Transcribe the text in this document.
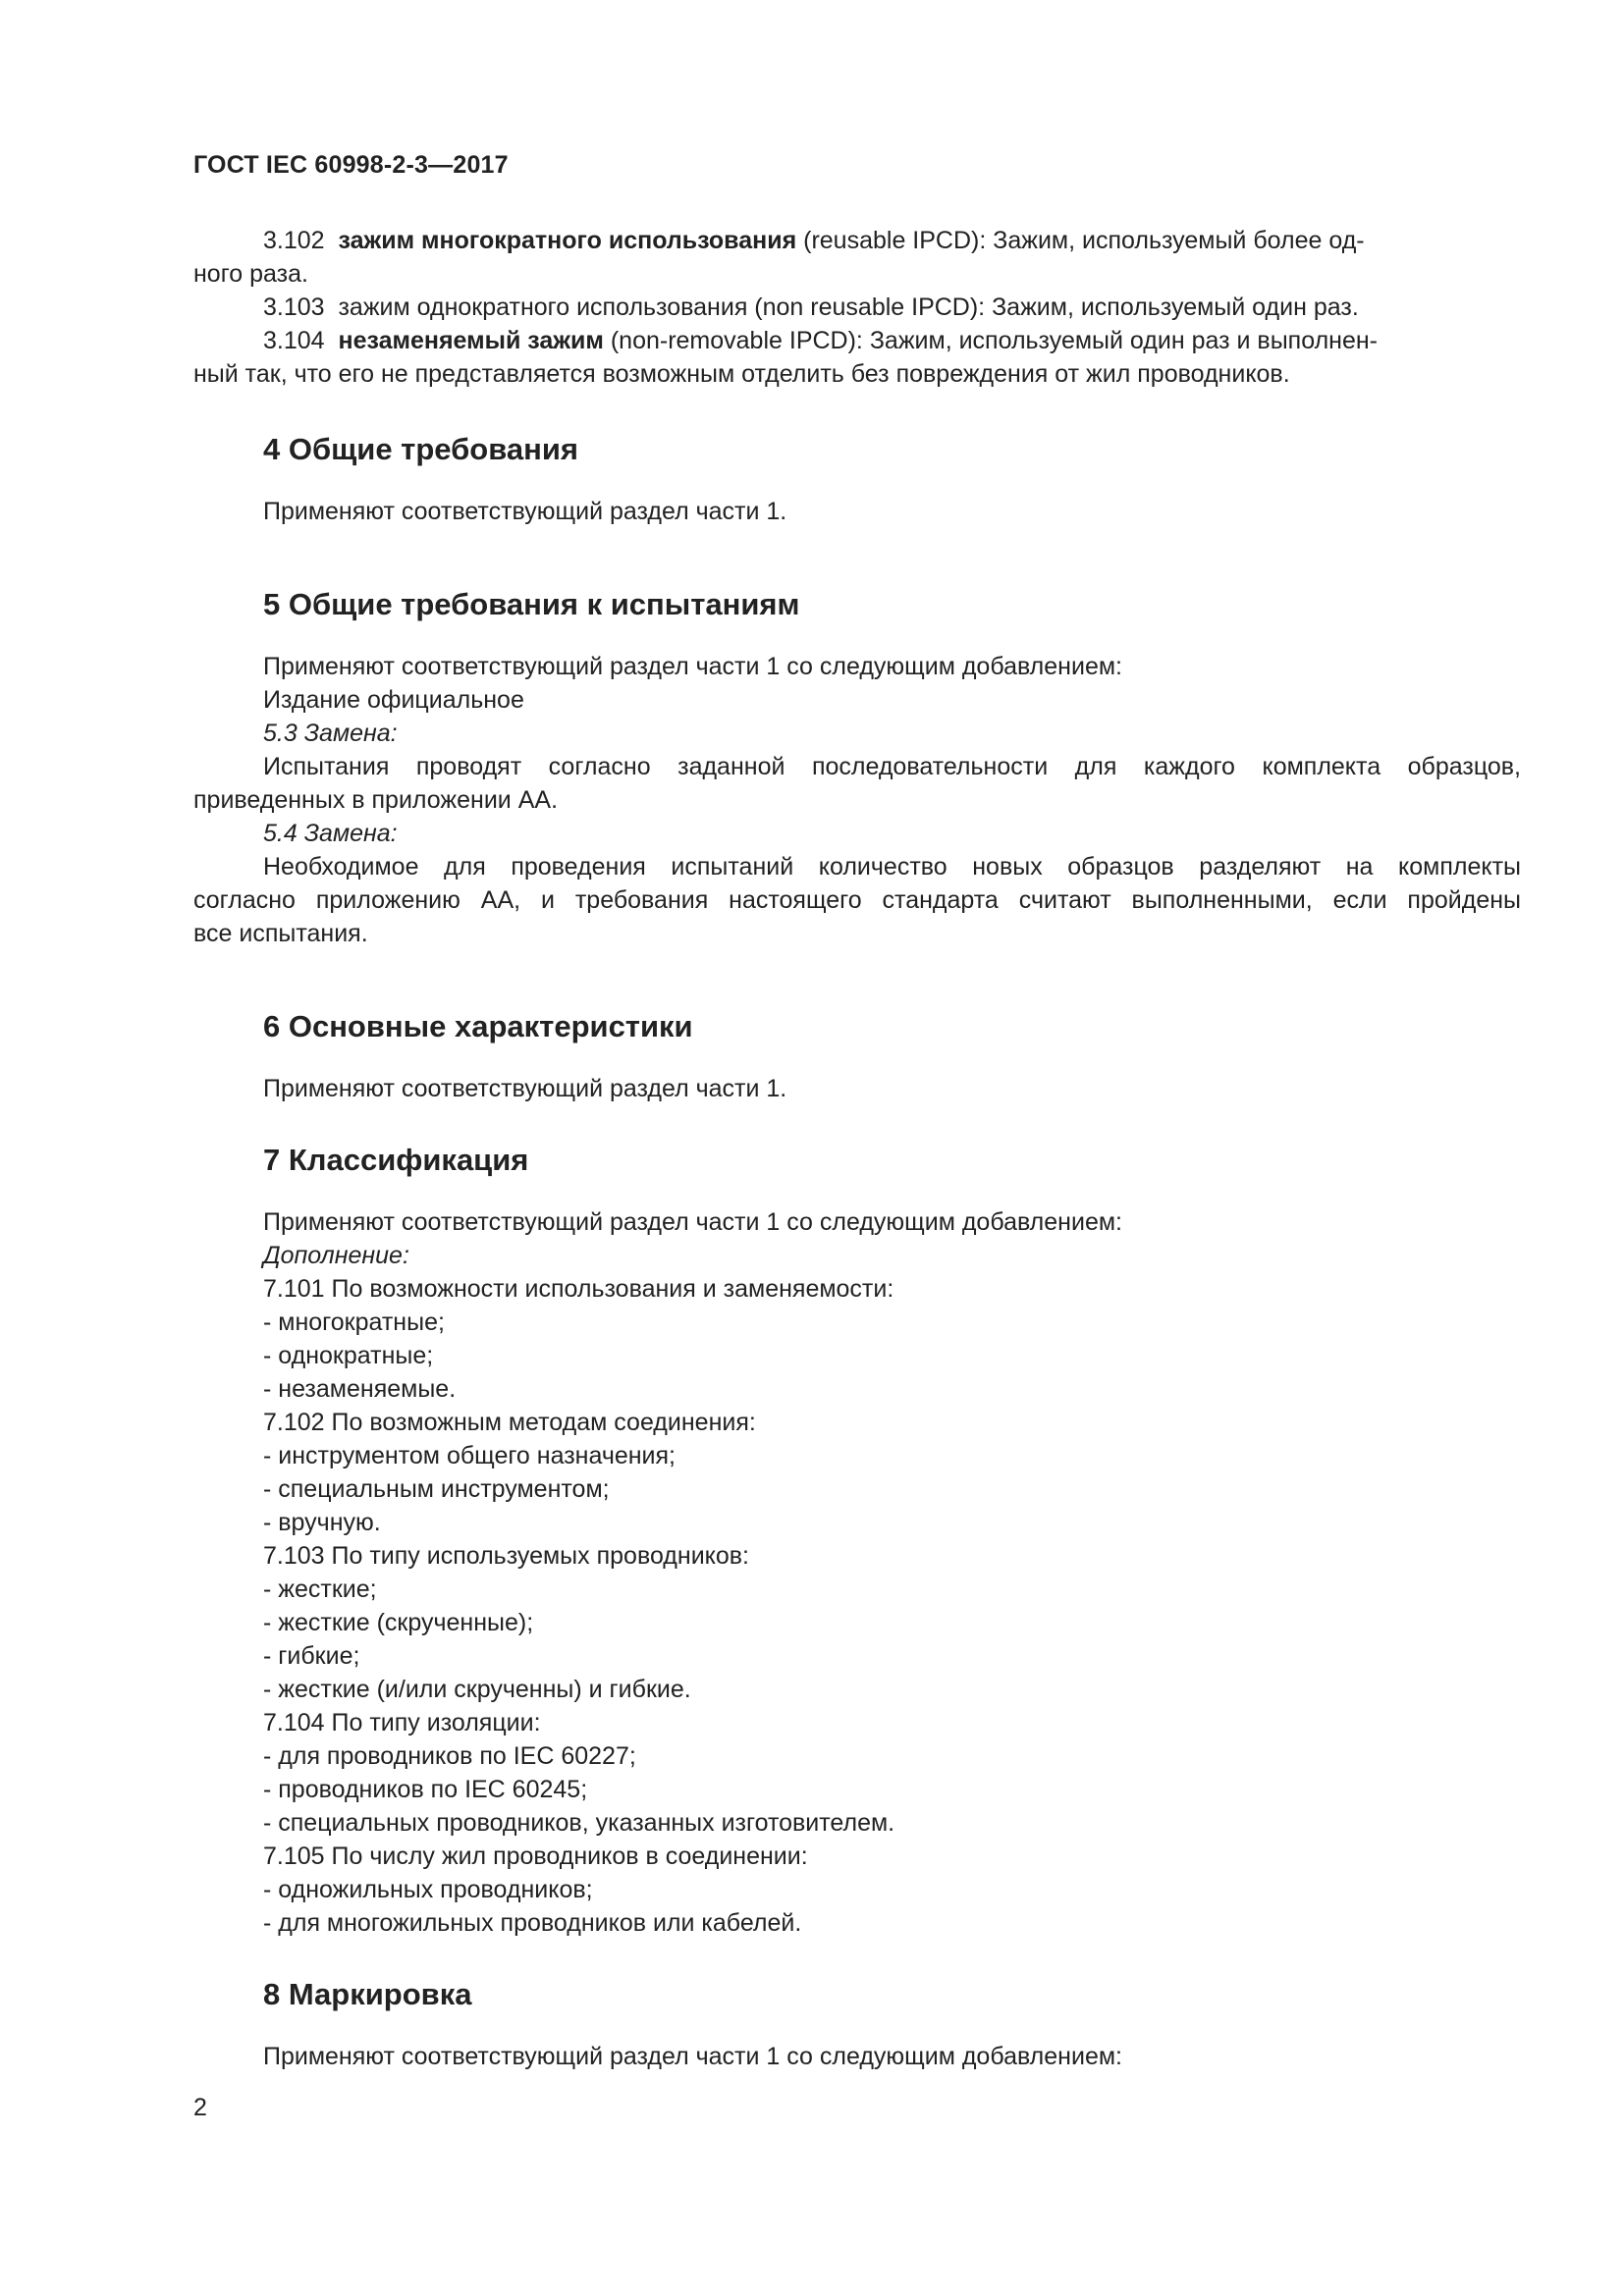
ГОСТ IEC 60998-2-3—2017

3.102 зажим многократного использования (reusable IPCD): Зажим, используемый более од-

ного раза.

3.103 зажим однократного использования (non reusable IPCD): Зажим, используемый один раз.

3.104 незаменяемый зажим (non-removable IPCD): Зажим, используемый один раз и выполнен-

ный так, что его не представляется возможным отделить без повреждения от жил проводников.

4 Общие требования

Применяют соответствующий раздел части 1.

5 Общие требования к испытаниям

Применяют соответствующий раздел части 1 со следующим добавлением:

Издание официальное

5.3 Замена:

Испытания проводят согласно заданной последовательности для каждого комплекта образцов,

приведенных в приложении АА.

5.4 Замена:

Необходимое для проведения испытаний количество новых образцов разделяют на комплекты

согласно приложению АА, и требования настоящего стандарта считают выполненными, если пройдены

все испытания.

6 Основные характеристики

Применяют соответствующий раздел части 1.

7 Классификация

Применяют соответствующий раздел части 1 со следующим добавлением:

Дополнение:

7.101 По возможности использования и заменяемости:

- многократные;

- однократные;

- незаменяемые.

7.102 По возможным методам соединения:

- инструментом общего назначения;

- специальным инструментом;

- вручную.

7.103 По типу используемых проводников:

- жесткие;

- жесткие (скрученные);

- гибкие;

- жесткие (и/или скрученны) и гибкие.

7.104 По типу изоляции:

- для проводников по IEC 60227;

- проводников по IEC 60245;

- специальных проводников, указанных изготовителем.

7.105 По числу жил проводников в соединении:

- одножильных проводников;

- для многожильных проводников или кабелей.

8 Маркировка

Применяют соответствующий раздел части 1 со следующим добавлением:

2
